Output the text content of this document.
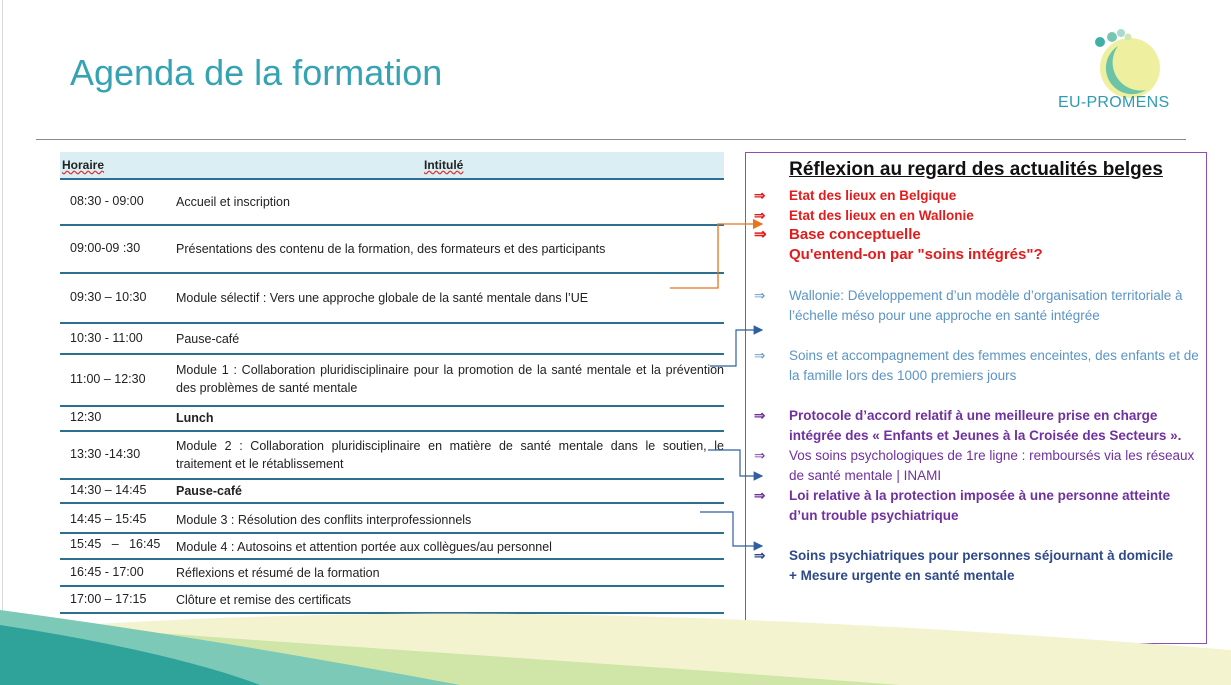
Agenda de la formation
EU-PROMENS
Horaire	Intitulé
08:30 - 09:00	Accueil et inscription
09:00-09 :30	Présentations des contenu de la formation, des formateurs et des participants
09:30 – 10:30 Module sélectif : Vers une approche globale de la santé mentale dans l’UE
10:30 - 11:00	Pause-café
11:00 – 12:30
Module 1 : Collaboration pluridisciplinaire pour la promotion de la santé mentale et la prévention des problèmes de santé mentale
12:30	Lunch
13:30 -14:30
Module 2 : Collaboration pluridisciplinaire en matière de santé mentale dans le soutien, le traitement et le rétablissement
14:30 – 14:45 Pause-café
14:45 – 15:45 Module 3 : Résolution des conflits interprofessionnels

15:45   –   16:45

Module 4 : Autosoins et attention portée aux collègues/au personnel

16:45 - 17:00	Réflexions et résumé de la formation
17:00 – 17:15 Clôture et remise des certificats
Réflexion au regard des actualités belges
⇒	Etat des lieux en Belgique
⇒	Etat des lieux en en Wallonie
⇒	Base conceptuelle
Qu'entend-on par "soins intégrés"?
⇒	Wallonie: Développement d’un modèle d’organisation territoriale à l’échelle méso pour une approche en santé intégrée
⇒	Soins et accompagnement des femmes enceintes, des enfants et de la famille lors des 1000 premiers jours
⇒	Protocole d’accord relatif à une meilleure prise en charge intégrée des « Enfants et Jeunes à la Croisée des Secteurs ».
⇒	Vos soins psychologiques de 1re ligne : remboursés via les réseaux de santé mentale | INAMI
⇒	Loi relative à la protection imposée à une personne atteinte d’un trouble psychiatrique
⇒	Soins psychiatriques pour personnes séjournant à domicile
+ Mesure urgente en santé mentale
